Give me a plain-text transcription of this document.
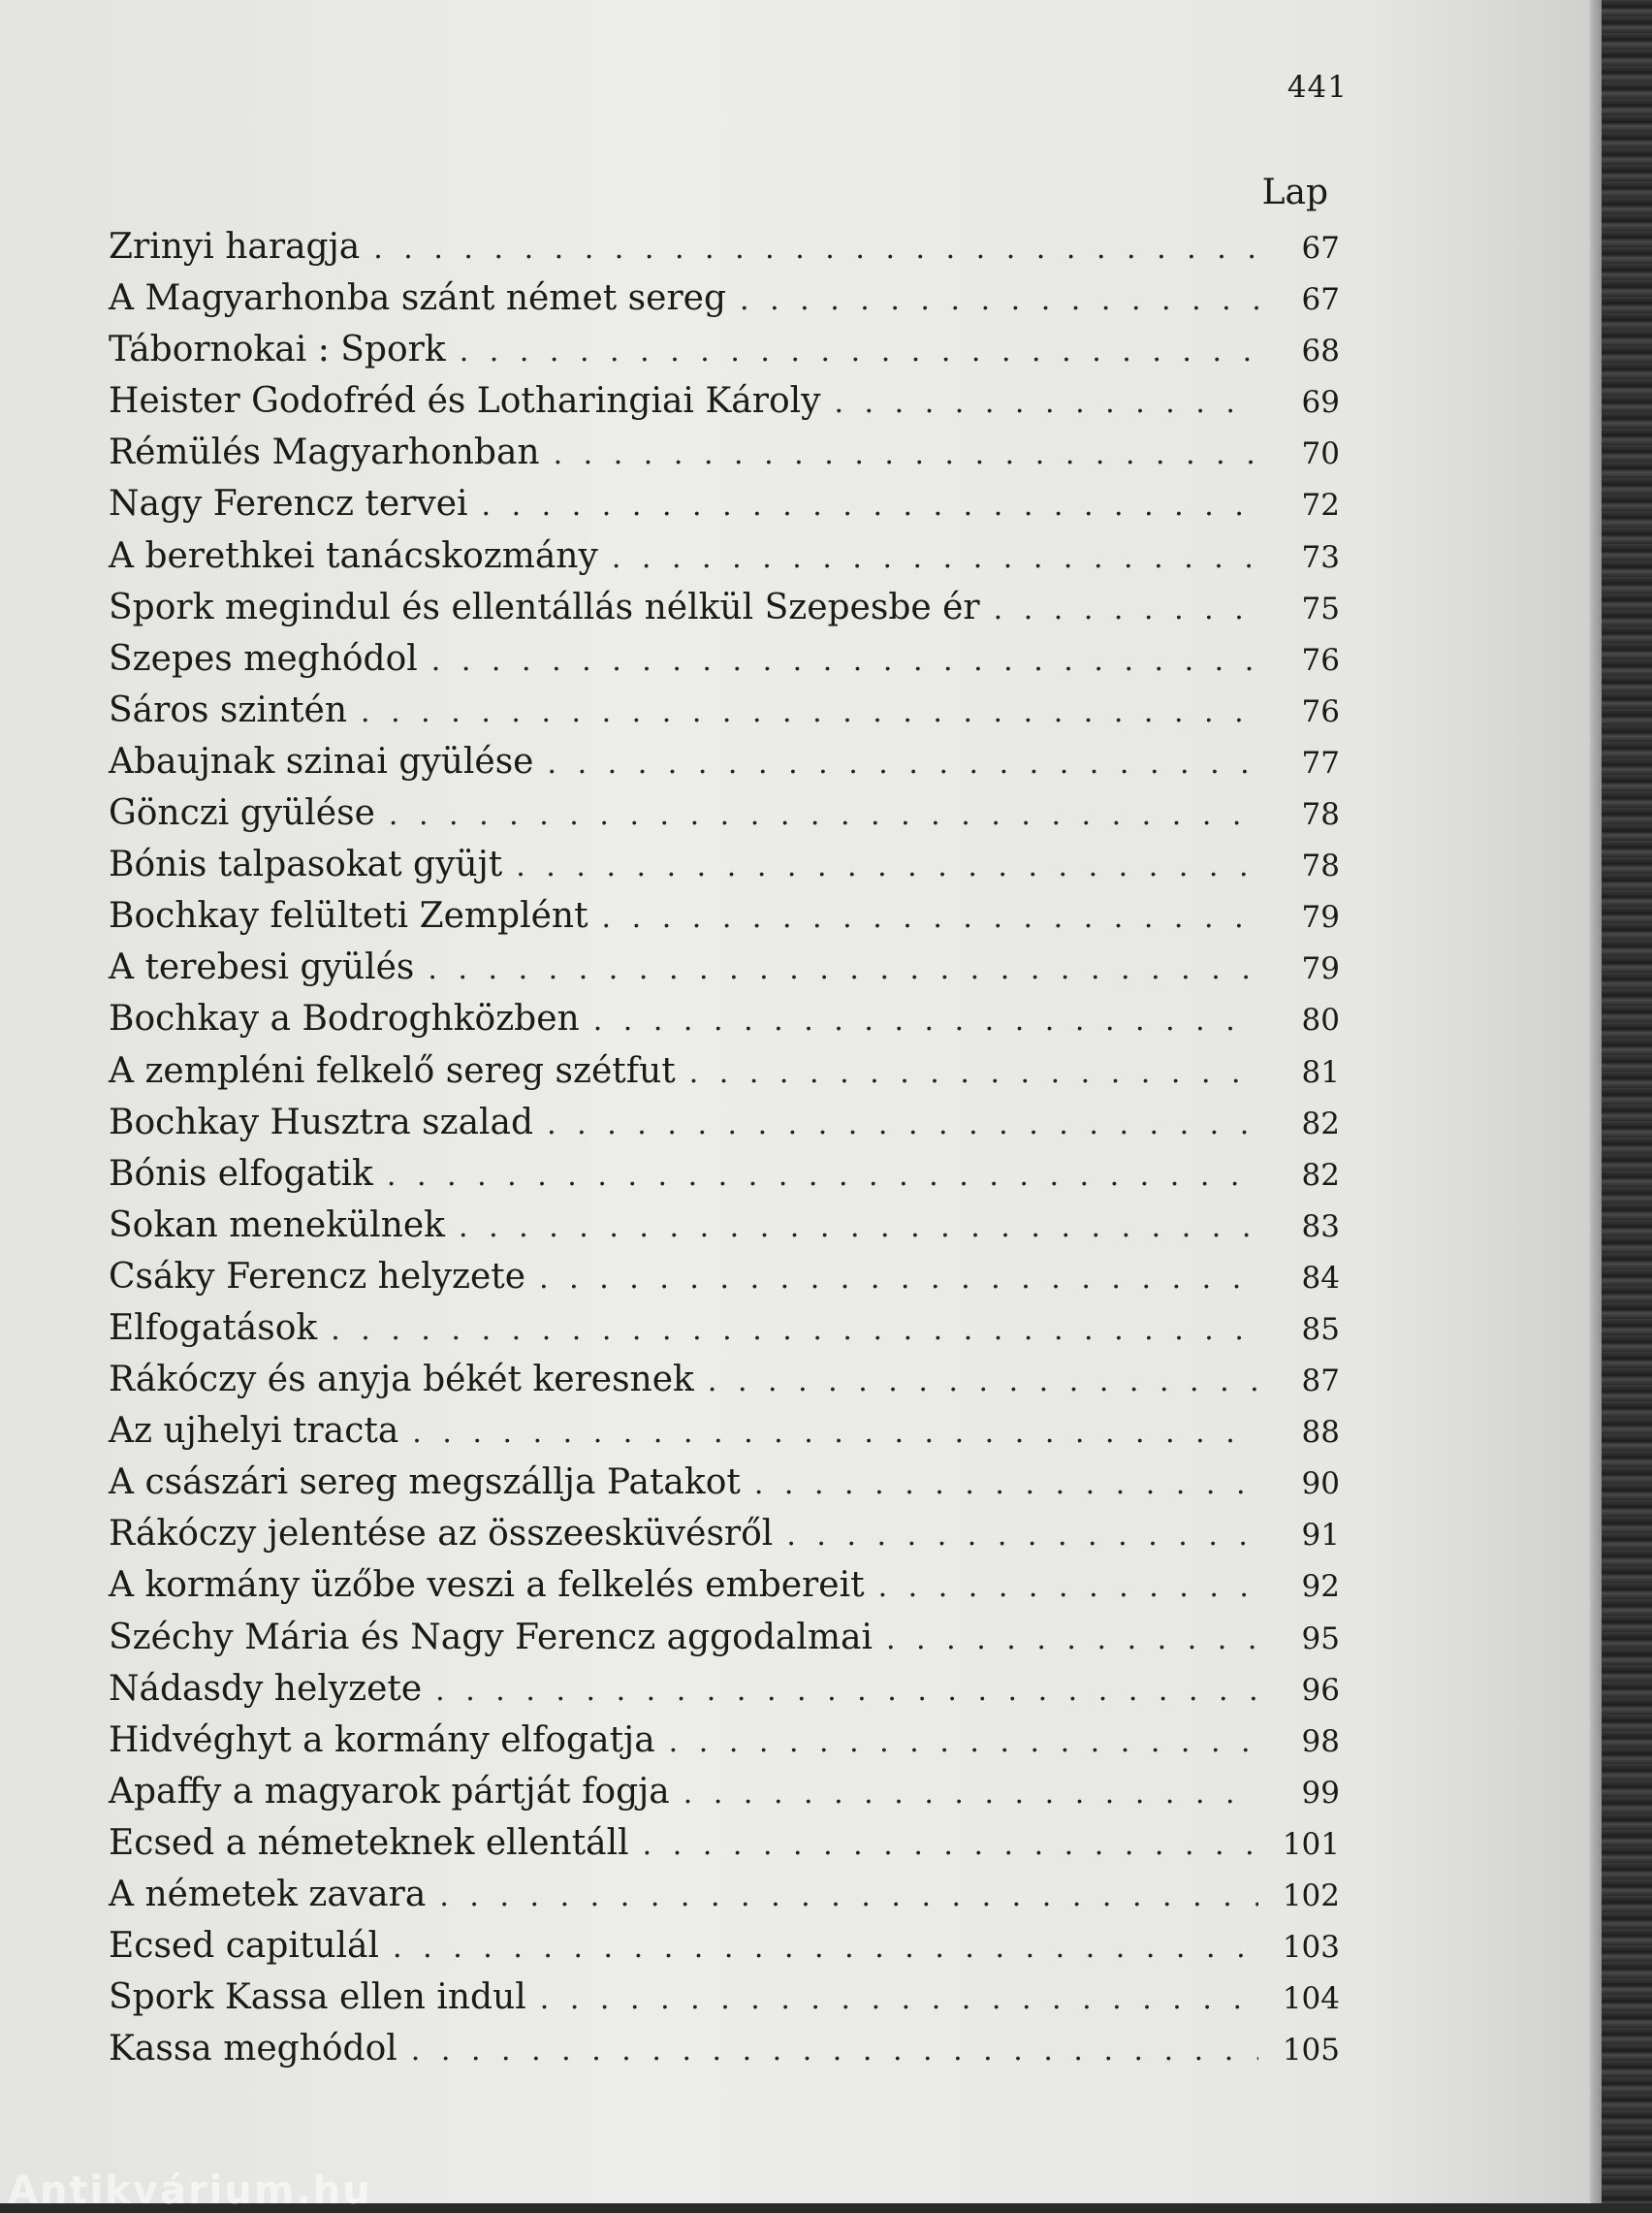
441
Lap
Zrinyi haragja . . .	67
A Magyarhonba szánt német sereg . . .	67
Tábornokai : Spork . . .	68
Heister Godofréd és Lotharingiai Károly . . .	69
Rémülés Magyarhonban . . .	70
Nagy Ferencz tervei . . .	72
A berethkei tanácskozmány . . .	73
Spork megindul és ellentállás nélkül Szepesbe ér . . .	75
Szepes meghódol . . .	76
Sáros szintén . . .	76
Abaujnak szinai gyülése . . .	77
Gönczi gyülése . . .	78
Bónis talpasokat gyüjt . . .	78
Bochkay felülteti Zemplént . . .	79
A terebesi gyülés . . .	79
Bochkay a Bodroghközben . . .	80
A zempléni felkelő sereg szétfut . . .	81
Bochkay Husztra szalad . . .	82
Bónis elfogatik . . .	82
Sokan menekülnek . . .	83
Csáky Ferencz helyzete . . .	84
Elfogatások . . .	85
Rákóczy és anyja békét keresnek . . .	87
Az ujhelyi tracta . . .	88
A császári sereg megszállja Patakot . . .	90
Rákóczy jelentése az összeesküvésről . . .	91
A kormány üzőbe veszi a felkelés embereit . . .	92
Széchy Mária és Nagy Ferencz aggodalmai . . .	95
Nádasdy helyzete . . .	96
Hidvéghyt a kormány elfogatja . . .	98
Apaffy a magyarok pártját fogja . . .	99
Ecsed a németeknek ellentáll . . .	101
A németek zavara . . .	102
Ecsed capitulál . . .	103
Spork Kassa ellen indul . . .	104
Kassa meghódol . . .	105
Antikvárium.hu
